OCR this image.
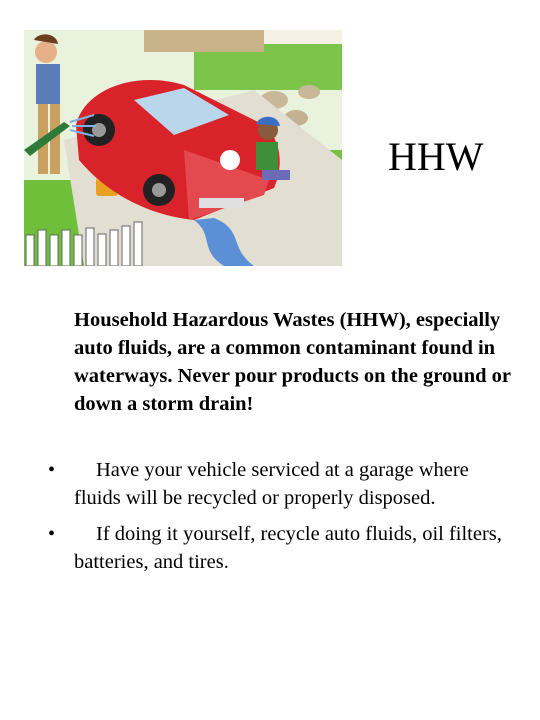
HHW

Household Hazardous Wastes (HHW), especially auto fluids, are a common contaminant found in waterways. Never pour products on the ground or down a storm drain!

•	Have your vehicle serviced at a garage where fluids will be recycled or properly disposed.
•	If doing it yourself, recycle auto fluids, oil filters, batteries, and tires.
